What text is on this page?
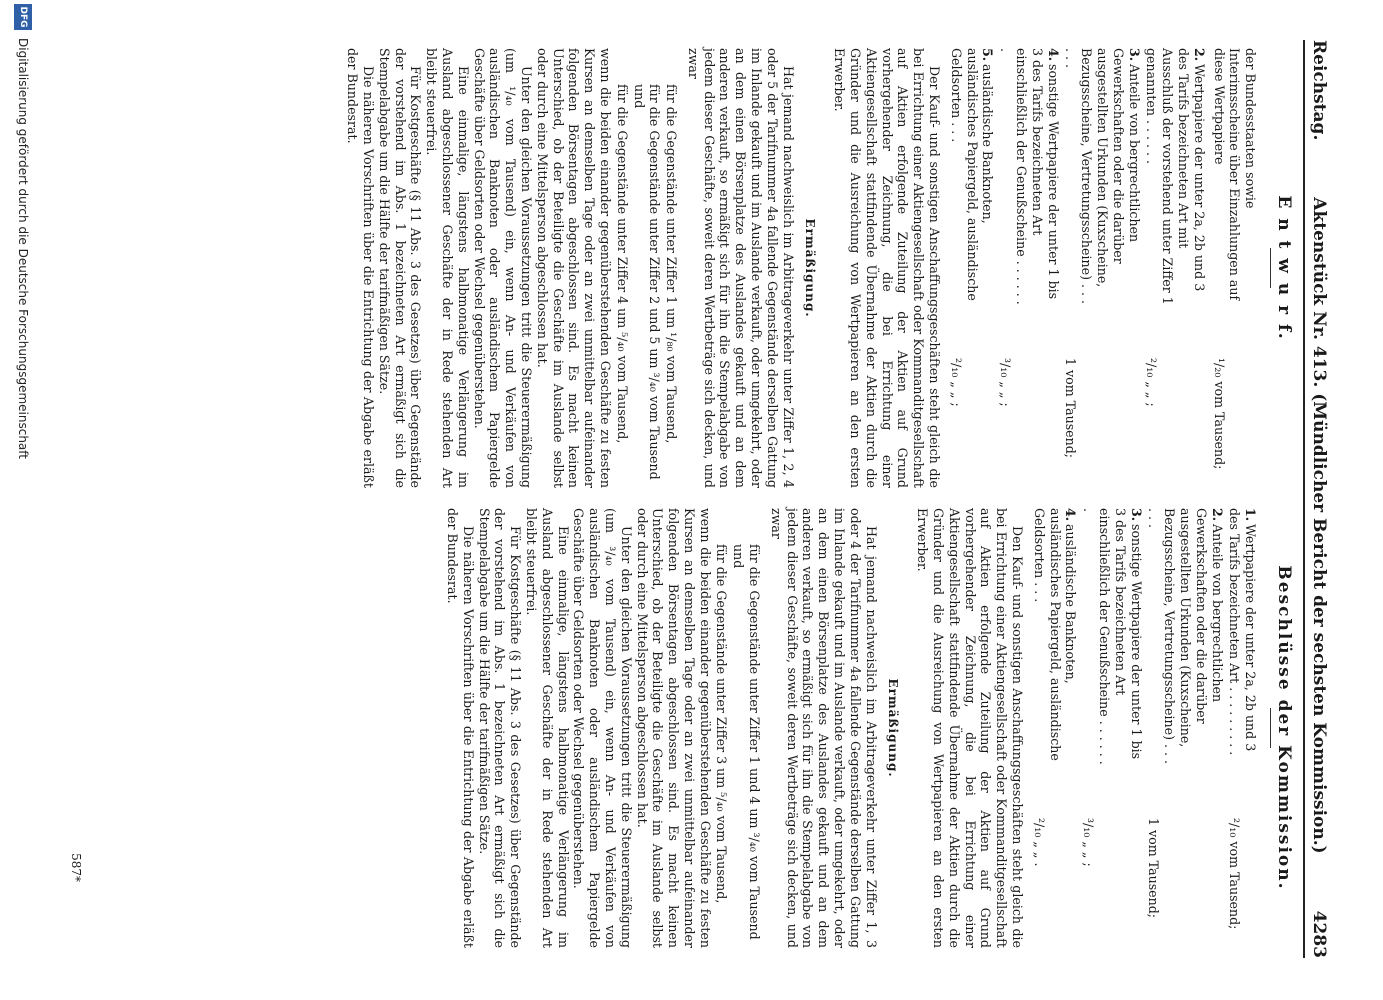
Reichstag.
Aktenstück Nr. 413. (Mündlicher Bericht der sechsten Kommission.)
4283
E n t w u r f.
der Bundesstaaten sowie Interimsscheine über Einzahlungen auf diese Wertpapiere
¹/₂₀ vom Tausend;
2.Wertpapiere der unter 2a, 2b und 3 des Tarifs bezeichneten Art mit Ausschluß der vorstehend unter Ziffer 1 genannten . . . . . .
²/₁₀ „ „ ;
3.Anteile von bergrechtlichen Gewerkschaften oder die darüber ausgestellten Urkunden (Kuxscheine, Bezugsscheine, Vertretungsscheine) . . . . . .
1 vom Tausend;
4.sonstige Wertpapiere der unter 1 bis 3 des Tarifs bezeichneten Art einschließlich der Genußscheine . . . . . . .
³/₁₀ „ „ ;
5.ausländische Banknoten, ausländisches Papiergeld, ausländische Geldsorten . . .
²/₁₀ „ „ ;

Der Kauf- und sonstigen Anschaffungsgeschäften steht gleich die bei Errichtung einer Aktiengesellschaft oder Kommanditgesellschaft auf Aktien erfolgende Zuteilung der Aktien auf Grund vorhergehender Zeichnung, die bei Errichtung einer Aktiengesellschaft stattfindende Übernahme der Aktien durch die Gründer und die Ausreichung von Wertpapieren an den ersten Erwerber.

Ermäßigung.

Hat jemand nachweislich im Arbitrageverkehr unter Ziffer 1, 2, 4 oder 5 der Tarifnummer 4a fallende Gegenstände derselben Gattung im Inlande gekauft und im Auslande verkauft, oder umgekehrt, oder an dem einen Börsenplatze des Auslandes gekauft und an dem anderen verkauft, so ermäßigt sich für ihn die Stempelabgabe von jedem dieser Geschäfte, soweit deren Wertbeträge sich decken, und zwar

für die Gegenstände unter Ziffer 1 um ¹/₈₀ vom Tausend,
für die Gegenstände unter Ziffer 2 und 5 um ³/₄₀ vom Tausend und
für die Gegenstände unter Ziffer 4 um ⁵/₄₀ vom Tausend,

wenn die beiden einander gegenüberstehenden Geschäfte zu festen Kursen an demselben Tage oder an zwei unmittelbar aufeinander folgenden Börsentagen abgeschlossen sind. Es macht keinen Unterschied, ob der Beteiligte die Geschäfte im Auslande selbst oder durch eine Mittelsperson abgeschlossen hat.

Unter den gleichen Voraussetzungen tritt die Steuerermäßigung (um ¹/₄₀ vom Tausend) ein, wenn An- und Verkäufen von ausländischen Banknoten oder ausländischem Papiergelde Geschäfte über Geldsorten oder Wechsel gegenüberstehen.

Eine einmalige, längstens halbmonatige Verlängerung im Ausland abgeschlossener Geschäfte der in Rede stehenden Art bleibt steuerfrei.

Für Kostgeschäfte (§ 11 Abs. 3 des Gesetzes) über Gegenstände der vorstehend im Abs. 1 bezeichneten Art ermäßigt sich die Stempelabgabe um die Hälfte der tarifmäßigen Sätze.

Die näheren Vorschriften über die Entrichtung der Abgabe erläßt der Bundesrat.

Beschlüsse der Kommission.
1.Wertpapiere der unter 2a, 2b und 3 des Tarifs bezeichneten Art . . . . . . . . .
²/₁₀ vom Tausend;
2.Anteile von bergrechtlichen Gewerkschaften oder die darüber ausgestellten Urkunden (Kuxscheine, Bezugsscheine, Vertretungsscheine) . . . . . .
1 vom Tausend;
3.sonstige Wertpapiere der unter 1 bis 3 des Tarifs bezeichneten Art einschließlich der Genußscheine . . . . . . .
³/₁₀ „ „ ;
4.ausländische Banknoten, ausländisches Papiergeld, ausländische Geldsorten . . .
²/₁₀ „ „ .

Den Kauf- und sonstigen Anschaffungsgeschäften steht gleich die bei Errichtung einer Aktiengesellschaft oder Kommanditgesellschaft auf Aktien erfolgende Zuteilung der Aktien auf Grund vorhergehender Zeichnung, die bei Errichtung einer Aktiengesellschaft stattfindende Übernahme der Aktien durch die Gründer und die Ausreichung von Wertpapieren an den ersten Erwerber.

Ermäßigung.

Hat jemand nachweislich im Arbitrageverkehr unter Ziffer 1, 3 oder 4 der Tarifnummer 4a fallende Gegenstände derselben Gattung im Inlande gekauft und im Auslande verkauft, oder umgekehrt, oder an dem einen Börsenplatze des Auslandes gekauft und an dem anderen verkauft, so ermäßigt sich für ihn die Stempelabgabe von jedem dieser Geschäfte, soweit deren Wertbeträge sich decken, und zwar

für die Gegenstände unter Ziffer 1 und 4 um ³/₄₀ vom Tausend und
für die Gegenstände unter Ziffer 3 um ⁵/₄₀ vom Tausend,

wenn die beiden einander gegenüberstehenden Geschäfte zu festen Kursen an demselben Tage oder an zwei unmittelbar aufeinander folgenden Börsentagen abgeschlossen sind. Es macht keinen Unterschied, ob der Beteiligte die Geschäfte im Auslande selbst oder durch eine Mittelsperson abgeschlossen hat.

Unter den gleichen Voraussetzungen tritt die Steuerermäßigung (um ³/₄₀ vom Tausend) ein, wenn An- und Verkäufen von ausländischen Banknoten oder ausländischem Papiergelde Geschäfte über Geldsorten oder Wechsel gegenüberstehen.

Eine einmalige, längstens halbmonatige Verlängerung im Ausland abgeschlossener Geschäfte der in Rede stehenden Art bleibt steuerfrei.

Für Kostgeschäfte (§ 11 Abs. 3 des Gesetzes) über Gegenstände der vorstehend im Abs. 1 bezeichneten Art ermäßigt sich die Stempelabgabe um die Hälfte der tarifmäßigen Sätze.

Die näheren Vorschriften über die Entrichtung der Abgabe erläßt der Bundesrat.

587*
DFG
Digitalisierung gefördert durch die Deutsche Forschungsgemeinschaft
